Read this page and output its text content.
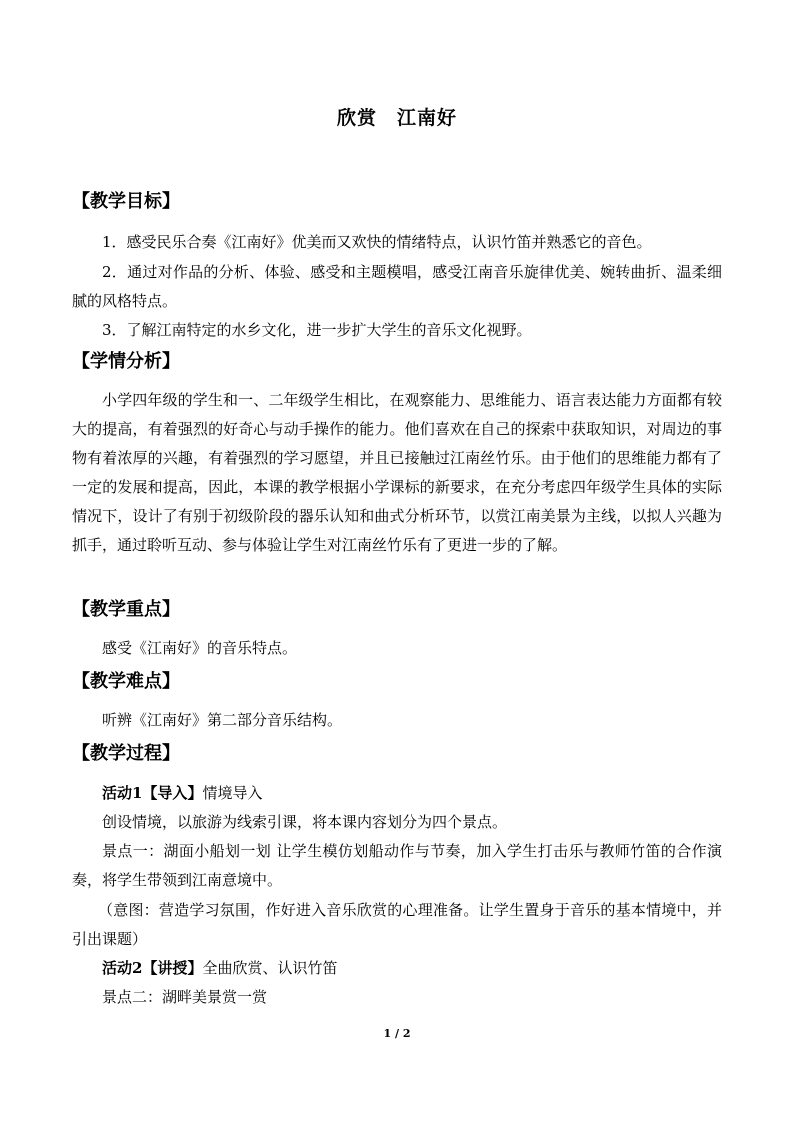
欣赏　江南好
【教学目标】

1．感受民乐合奏《江南好》优美而又欢快的情绪特点，认识竹笛并熟悉它的音色。

2．通过对作品的分析、体验、感受和主题模唱，感受江南音乐旋律优美、婉转曲折、温柔细腻的风格特点。

3．了解江南特定的水乡文化，进一步扩大学生的音乐文化视野。

【学情分析】

小学四年级的学生和一、二年级学生相比，在观察能力、思维能力、语言表达能力方面都有较大的提高，有着强烈的好奇心与动手操作的能力。他们喜欢在自己的探索中获取知识，对周边的事物有着浓厚的兴趣，有着强烈的学习愿望，并且已接触过江南丝竹乐。由于他们的思维能力都有了一定的发展和提高，因此，本课的教学根据小学课标的新要求，在充分考虑四年级学生具体的实际情况下，设计了有别于初级阶段的器乐认知和曲式分析环节，以赏江南美景为主线，以拟人兴趣为抓手，通过聆听互动、参与体验让学生对江南丝竹乐有了更进一步的了解。

【教学重点】

感受《江南好》的音乐特点。

【教学难点】

听辨《江南好》第二部分音乐结构。

【教学过程】

活动1【导入】情境导入

创设情境，以旅游为线索引课，将本课内容划分为四个景点。

景点一：湖面小船划一划 让学生模仿划船动作与节奏，加入学生打击乐与教师竹笛的合作演奏，将学生带领到江南意境中。

（意图：营造学习氛围，作好进入音乐欣赏的心理准备。让学生置身于音乐的基本情境中，并引出课题）

活动2【讲授】全曲欣赏、认识竹笛

景点二：湖畔美景赏一赏

1 / 2
